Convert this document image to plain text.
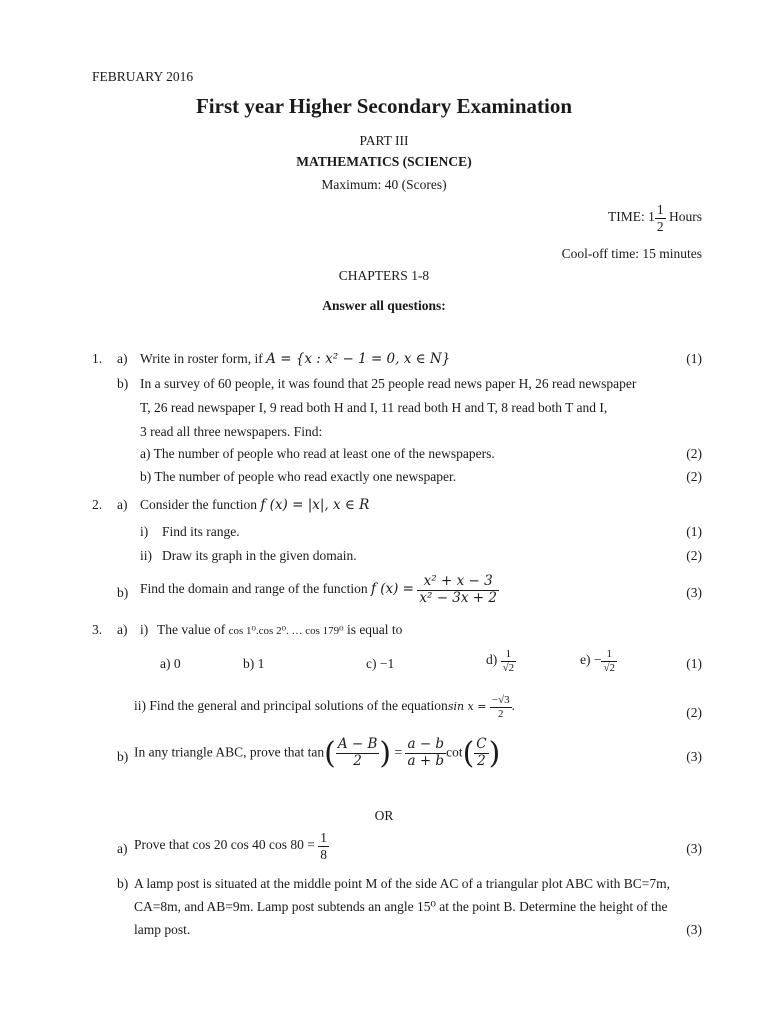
FEBRUARY 2016
First year Higher Secondary Examination
PART III
MATHEMATICS (SCIENCE)
Maximum: 40 (Scores)
TIME: $1 \frac{1}{2}$ Hours
Cool-off time: 15 minutes
CHAPTERS 1-8
Answer all questions:
1. a) Write in roster form, if A = {x : x² − 1 = 0, x ∈ N}	(1)
b) In a survey of 60 people, it was found that 25 people read news paper H, 26 read newspaper
T, 26 read newspaper I, 9 read both H and I, 11 read both H and T, 8 read both T and I,
3 read all three newspapers. Find:
a) The number of people who read at least one of the newspapers.	(2)
b) The number of people who read exactly one newspaper.	(2)
2. a) Consider the function f (x) = |x|, x ∈ R
i) Find its range.	(1)
ii) Draw its graph in the given domain.	(2)
b) Find the domain and range of the function f $(x) = \frac{\text{x² + x − 3}}{\text{x² − 3x + 2}}$	(3)
3. a) i) The value of cos 1⁰.cos 2⁰. … cos 179⁰ is equal to
a) 0	b) 1	c) −1	$d) \frac{1}{√2}$	$e) - \frac{1}{√2}$	(1)
ii) Find the general and principal solutions of the equationsin $x = \frac{-√3}{2}$ .	(2)
b) In any triangle ABC, prove that $\tan( \frac{A - B}{2}$ ) = $\frac{a - b}{a + b} \cot( \frac{C}{2}$ )	(3)
OR
a) Prove that cos 20 cos 40 $\cos 80 = \frac{1}{8}$	(3)
b) A lamp post is situated at the middle point M of the side AC of a triangular plot ABC with BC=7m,
CA=8m, and AB=9m. Lamp post subtends an angle 15⁰ at the point B. Determine the height of the
lamp post.	(3)
